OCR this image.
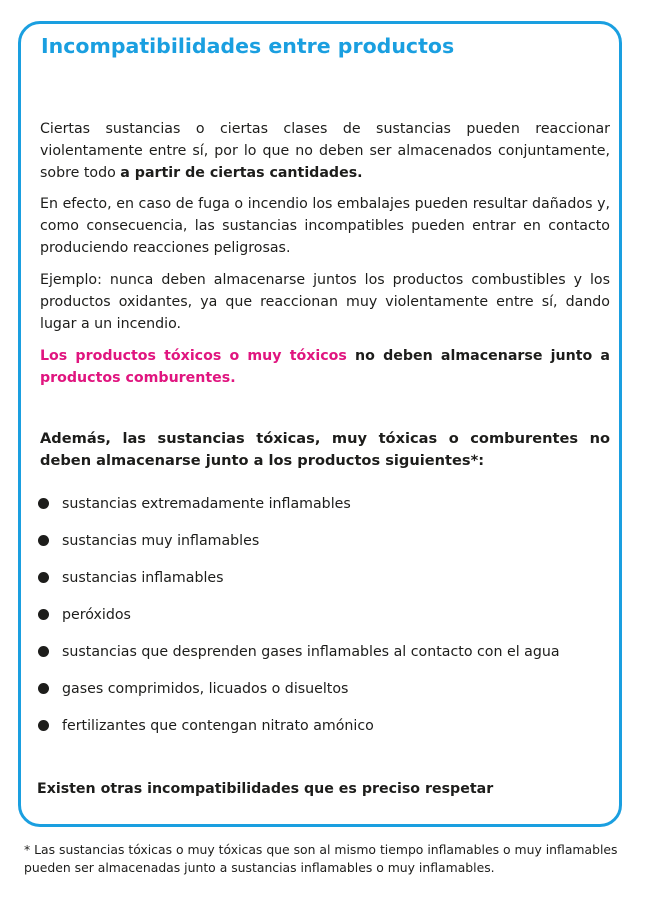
Incompatibilidades entre productos

Ciertas sustancias o ciertas clases de sustancias pueden reaccionar violentamente entre sí, por lo que no deben ser almacenados conjuntamente, sobre todo a partir de ciertas cantidades.

En efecto, en caso de fuga o incendio los embalajes pueden resultar dañados y, como consecuencia, las sustancias incompatibles pueden entrar en contacto produciendo reacciones peligrosas.

Ejemplo: nunca deben almacenarse juntos los productos combustibles y los productos oxidantes, ya que reaccionan muy violentamente entre sí, dando lugar a un incendio.

Los productos tóxicos o muy tóxicos no deben almacenarse junto a productos comburentes.

Además, las sustancias tóxicas, muy tóxicas o comburentes no deben almacenarse junto a los productos siguientes*:

sustancias extremadamente inflamables
sustancias muy inflamables
sustancias inflamables
peróxidos
sustancias que desprenden gases inflamables al contacto con el agua
gases comprimidos, licuados o disueltos
fertilizantes que contengan nitrato amónico

Existen otras incompatibilidades que es preciso respetar

* Las sustancias tóxicas o muy tóxicas que son al mismo tiempo inflamables o muy inflamables pueden ser almacenadas junto a sustancias inflamables o muy inflamables.
